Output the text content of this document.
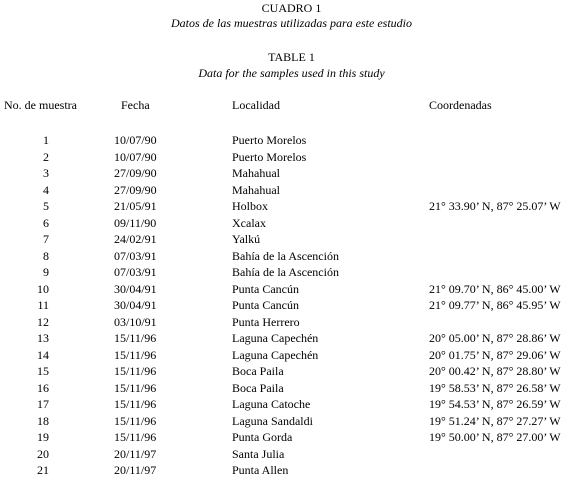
CUADRO 1
Datos de las muestras utilizadas para este estudio
TABLE 1
Data for the samples used in this study
No. de muestra	Fecha	Localidad	Coordenadas
1	10/07/90	Puerto Morelos
2	10/07/90	Puerto Morelos
3	27/09/90	Mahahual
4	27/09/90	Mahahual
5	21/05/91	Holbox	21° 33.90’ N, 87° 25.07’ W
6	09/11/90	Xcalax
7	24/02/91	Yalkú
8	07/03/91	Bahía de la Ascención
9	07/03/91	Bahía de la Ascención
10	30/04/91	Punta Cancún	21° 09.70’ N, 86° 45.00’ W
11	30/04/91	Punta Cancún	21° 09.77’ N, 86° 45.95’ W
12	03/10/91	Punta Herrero
13	15/11/96	Laguna Capechén	20° 05.00’ N, 87° 28.86’ W
14	15/11/96	Laguna Capechén	20° 01.75’ N, 87° 29.06’ W
15	15/11/96	Boca Paila	20° 00.42’ N, 87° 28.80’ W
16	15/11/96	Boca Paila	19° 58.53’ N, 87° 26.58’ W
17	15/11/96	Laguna Catoche	19° 54.53’ N, 87° 26.59’ W
18	15/11/96	Laguna Sandaldi	19° 51.24’ N, 87° 27.27’ W
19	15/11/96	Punta Gorda	19° 50.00’ N, 87° 27.00’ W
20	20/11/97	Santa Julia
21	20/11/97	Punta Allen
